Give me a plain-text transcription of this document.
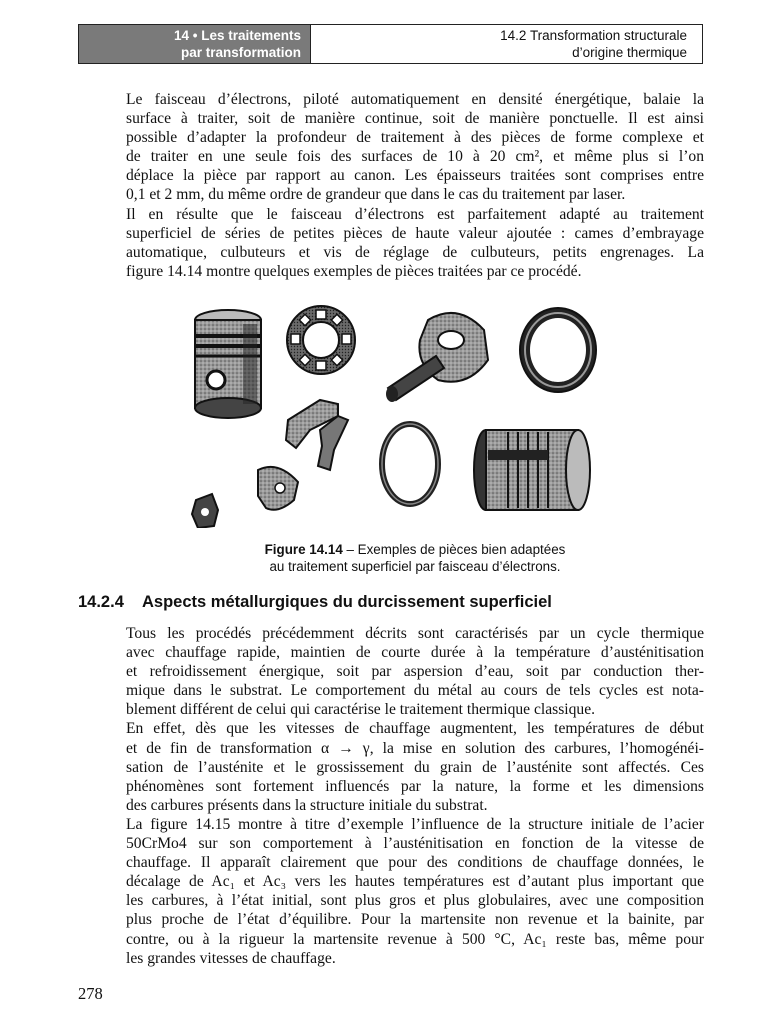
14 • Les traitements
par transformation
14.2 Transformation structurale
d’origine thermique
Le faisceau d’électrons, piloté automatiquement en densité énergétique, balaie la
surface à traiter, soit de manière continue, soit de manière ponctuelle. Il est ainsi
possible d’adapter la profondeur de traitement à des pièces de forme complexe et
de traiter en une seule fois des surfaces de 10 à 20 cm², et même plus si l’on
déplace la pièce par rapport au canon. Les épaisseurs traitées sont comprises entre
0,1 et 2 mm, du même ordre de grandeur que dans le cas du traitement par laser.
Il en résulte que le faisceau d’électrons est parfaitement adapté au traitement
superficiel de séries de petites pièces de haute valeur ajoutée : cames d’embrayage
automatique, culbuteurs et vis de réglage de culbuteurs, petits engrenages. La
figure 14.14 montre quelques exemples de pièces traitées par ce procédé.
Figure 14.14 – Exemples de pièces bien adaptées
au traitement superficiel par faisceau d’électrons.
14.2.4 Aspects métallurgiques du durcissement superficiel
Tous les procédés précédemment décrits sont caractérisés par un cycle thermique
avec chauffage rapide, maintien de courte durée à la température d’austénitisation
et refroidissement énergique, soit par aspersion d’eau, soit par conduction ther-
mique dans le substrat. Le comportement du métal au cours de tels cycles est nota-
blement différent de celui qui caractérise le traitement thermique classique.
En effet, dès que les vitesses de chauffage augmentent, les températures de début
et de fin de transformation α → γ, la mise en solution des carbures, l’homogénéi-
sation de l’austénite et le grossissement du grain de l’austénite sont affectés. Ces
phénomènes sont fortement influencés par la nature, la forme et les dimensions
des carbures présents dans la structure initiale du substrat.
La figure 14.15 montre à titre d’exemple l’influence de la structure initiale de l’acier
50CrMo4 sur son comportement à l’austénitisation en fonction de la vitesse de
chauffage. Il apparaît clairement que pour des conditions de chauffage données, le
décalage de Ac₁ et Ac₃ vers les hautes températures est d’autant plus important que
les carbures, à l’état initial, sont plus gros et plus globulaires, avec une composition
plus proche de l’état d’équilibre. Pour la martensite non revenue et la bainite, par
contre, ou à la rigueur la martensite revenue à 500 °C, Ac₁ reste bas, même pour
les grandes vitesses de chauffage.
278
